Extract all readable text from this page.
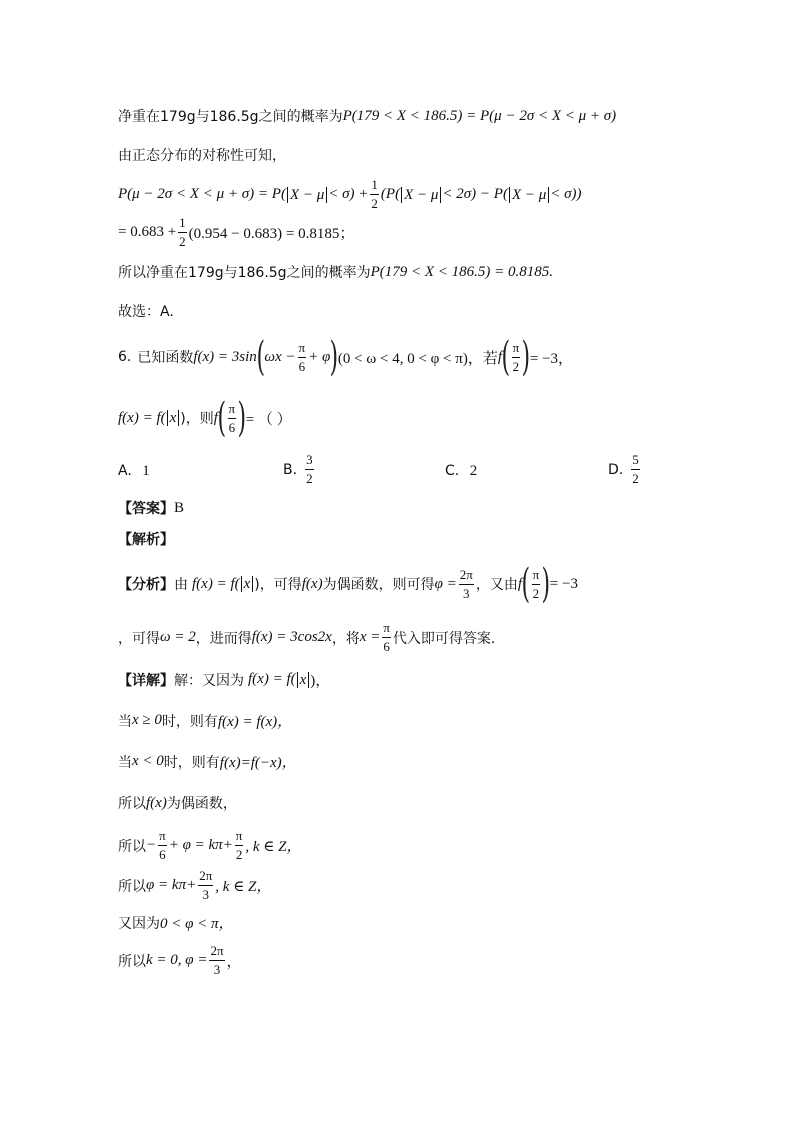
净重在179g与186.5g之间的概率为 P(179 < X < 186.5) = P(μ − 2σ < X < μ + σ)
由正态分布的对称性可知，
P(μ − 2σ < X < μ + σ) = P( $X - \mu < \sigma) + \frac{1}{2} (P$( X − μ < 2σ) − P( X − μ < σ))
= $0.683 + \frac{1}{2} (0.954 - 0.683) = 0.8185$；
所以净重在179g与186.5g之间的概率为 P(179 < X < 186.5) = 0.8185.
故选：A.
6. 已知函数 f(x) = 3sin ( $\omega x - \frac{\pi}{6} + \varphi$ ) (0 < ω < 4, 0 < φ < π)，若 f ( $\frac{\pi}{2}$ ) = −3，
f(x) = f( x )，则 f ( $\frac{\pi}{6}$ ) = （ ）
A. 1	B. $\frac{3}{2}$	C. 2	D. $\frac{5}{2}$
【答案】 B
【解析】
【分析】 由 f(x) = f( x )，可得 f(x) 为偶函数，则可得 $\varphi = \frac{2\pi}{3}$ ，又由 f ( $\frac{\pi}{2}$ ) = −3
，可得 ω = 2 ，进而得 f(x) = 3cos2x ，将 $x = \frac{\pi}{6}$ 代入即可得答案.
【详解】 解：又因为 f(x) = f( x )，
当 x ≥ 0 时，则有 f(x) = f(x)，
当 x < 0 时，则有 f(x)=f(−x)，
所以 f(x) 为偶函数，
所以 − $\frac{\pi}{6} + \varphi = k\pi+ \frac{\pi}{2}$ , k ∈ Z，
所以 $\varphi = k\pi+ \frac{2\pi}{3}$ , k ∈ Z，
又因为 0 < φ < π，
所以 k = 0, $\varphi = \frac{2\pi}{3}$ ，
